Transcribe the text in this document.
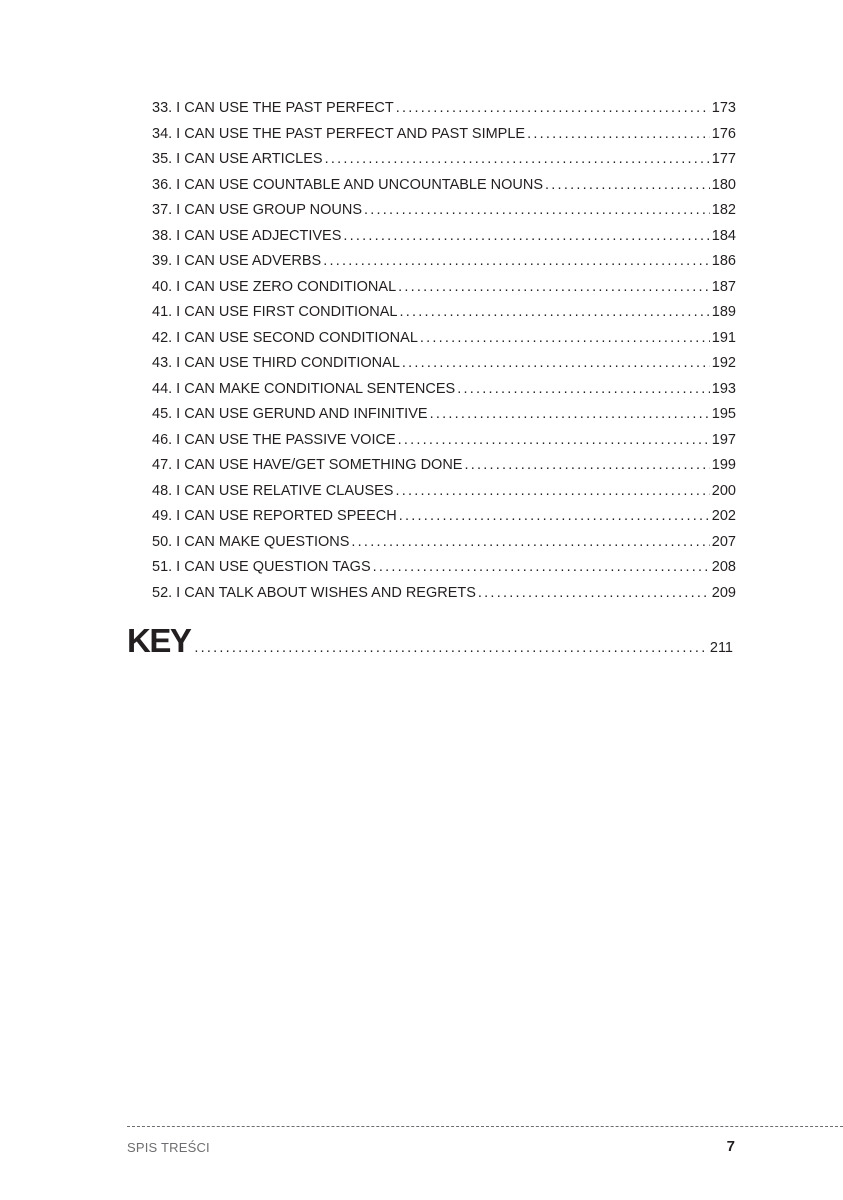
33. I CAN USE THE PAST PERFECT . . .	173
34. I CAN USE THE PAST PERFECT AND PAST SIMPLE . . .	176
35. I CAN USE ARTICLES . . .	177
36. I CAN USE COUNTABLE AND UNCOUNTABLE NOUNS . . .	180
37. I CAN USE GROUP NOUNS . . .	182
38. I CAN USE ADJECTIVES . . .	184
39. I CAN USE ADVERBS . . .	186
40. I CAN USE ZERO CONDITIONAL . . .	187
41. I CAN USE FIRST CONDITIONAL . . .	189
42. I CAN USE SECOND CONDITIONAL . . .	191
43. I CAN USE THIRD CONDITIONAL . . .	192
44. I CAN MAKE CONDITIONAL SENTENCES . . .	193
45. I CAN USE GERUND AND INFINITIVE . . .	195
46. I CAN USE THE PASSIVE VOICE . . .	197
47. I CAN USE HAVE/GET SOMETHING DONE . . .	199
48. I CAN USE RELATIVE CLAUSES . . .	200
49. I CAN USE REPORTED SPEECH . . .	202
50. I CAN MAKE QUESTIONS . . .	207
51. I CAN USE QUESTION TAGS . . .	208
52. I CAN TALK ABOUT WISHES AND REGRETS . . .	209
KEY . . .	211
SPIS TREŚCI	7
